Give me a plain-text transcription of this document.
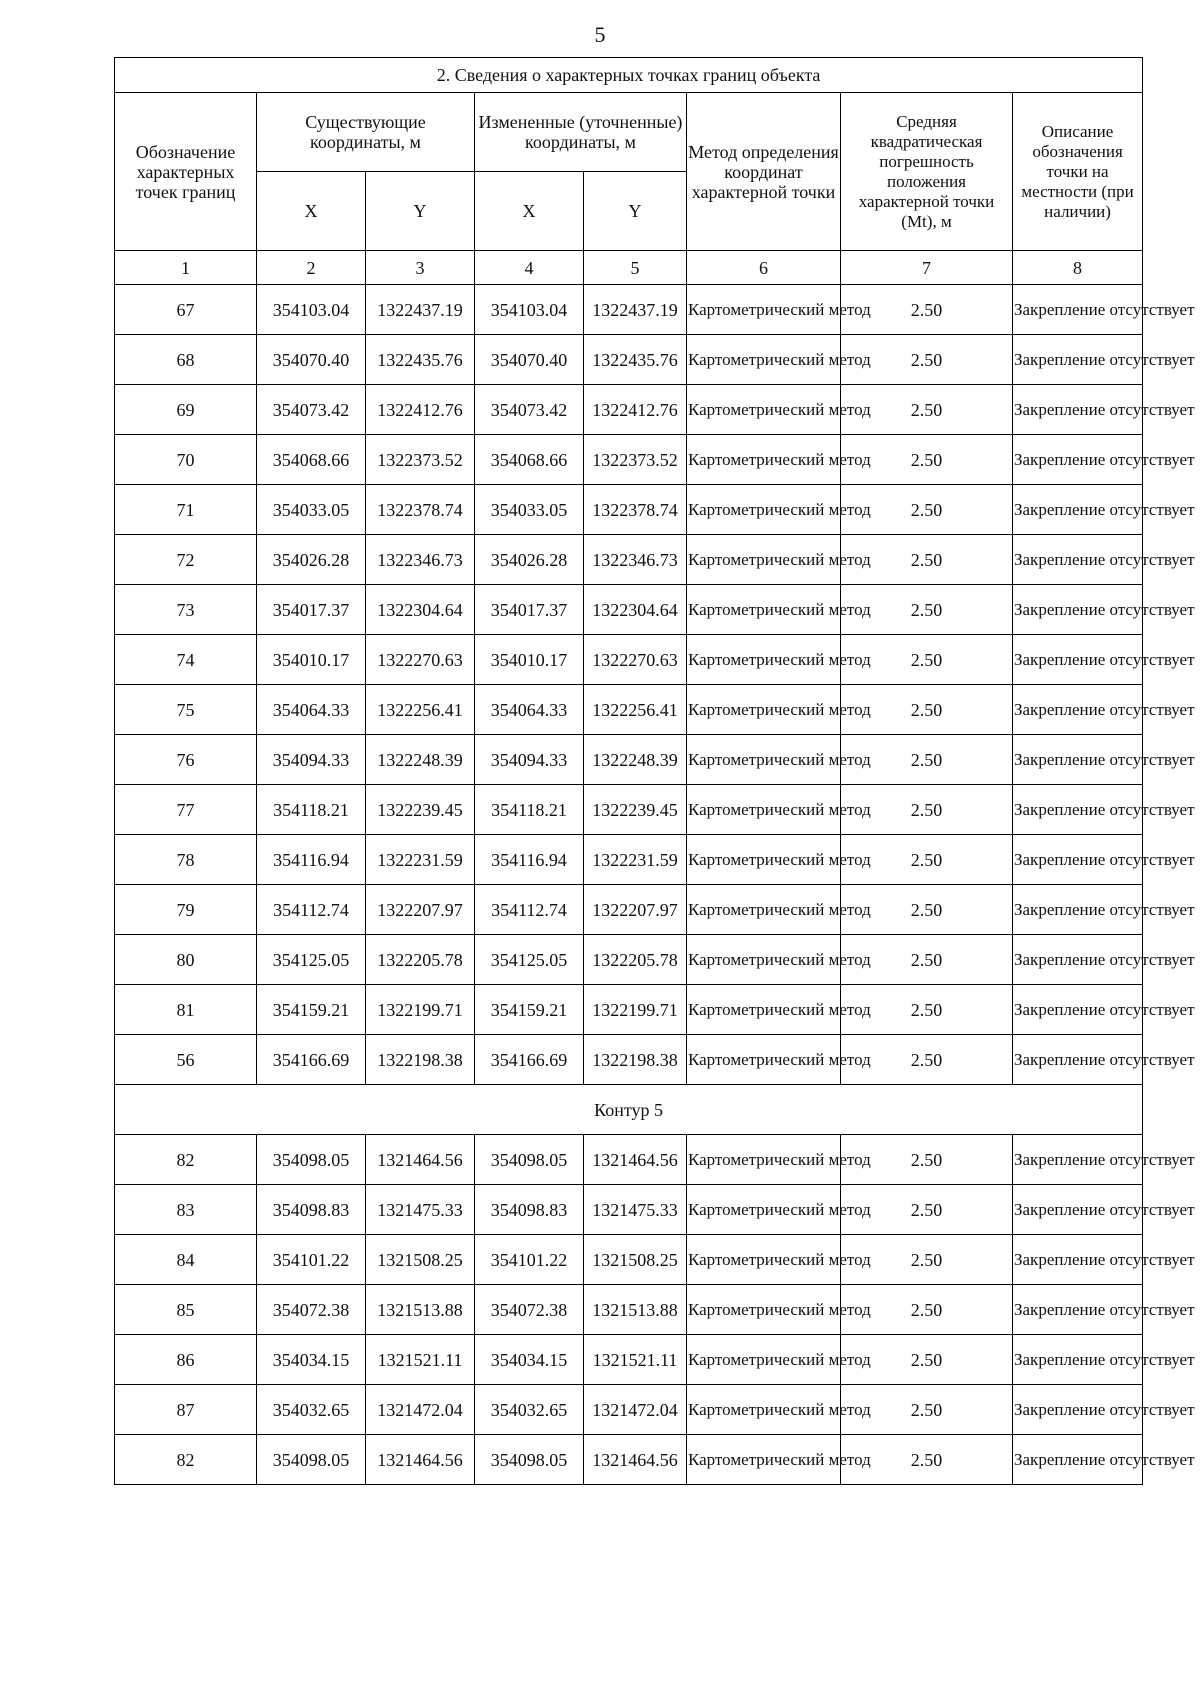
5
2. Сведения о характерных точках границ объекта							
Обозначение характерных точек границ	Существующие координаты, м		Измененные (уточненные) координаты, м		Метод определения координат характерной точки	Средняя квадратическая погрешность положения характерной точки (Mt), м	Описание обозначения точки на местности (при наличии)
	X	Y	X	Y			
1	2	3	4	5	6	7	8
67	354103.04	1322437.19	354103.04	1322437.19	Картометрический метод	2.50	Закрепление отсутствует
68	354070.40	1322435.76	354070.40	1322435.76	Картометрический метод	2.50	Закрепление отсутствует
69	354073.42	1322412.76	354073.42	1322412.76	Картометрический метод	2.50	Закрепление отсутствует
70	354068.66	1322373.52	354068.66	1322373.52	Картометрический метод	2.50	Закрепление отсутствует
71	354033.05	1322378.74	354033.05	1322378.74	Картометрический метод	2.50	Закрепление отсутствует
72	354026.28	1322346.73	354026.28	1322346.73	Картометрический метод	2.50	Закрепление отсутствует
73	354017.37	1322304.64	354017.37	1322304.64	Картометрический метод	2.50	Закрепление отсутствует
74	354010.17	1322270.63	354010.17	1322270.63	Картометрический метод	2.50	Закрепление отсутствует
75	354064.33	1322256.41	354064.33	1322256.41	Картометрический метод	2.50	Закрепление отсутствует
76	354094.33	1322248.39	354094.33	1322248.39	Картометрический метод	2.50	Закрепление отсутствует
77	354118.21	1322239.45	354118.21	1322239.45	Картометрический метод	2.50	Закрепление отсутствует
78	354116.94	1322231.59	354116.94	1322231.59	Картометрический метод	2.50	Закрепление отсутствует
79	354112.74	1322207.97	354112.74	1322207.97	Картометрический метод	2.50	Закрепление отсутствует
80	354125.05	1322205.78	354125.05	1322205.78	Картометрический метод	2.50	Закрепление отсутствует
81	354159.21	1322199.71	354159.21	1322199.71	Картометрический метод	2.50	Закрепление отсутствует
56	354166.69	1322198.38	354166.69	1322198.38	Картометрический метод	2.50	Закрепление отсутствует
Контур 5							
82	354098.05	1321464.56	354098.05	1321464.56	Картометрический метод	2.50	Закрепление отсутствует
83	354098.83	1321475.33	354098.83	1321475.33	Картометрический метод	2.50	Закрепление отсутствует
84	354101.22	1321508.25	354101.22	1321508.25	Картометрический метод	2.50	Закрепление отсутствует
85	354072.38	1321513.88	354072.38	1321513.88	Картометрический метод	2.50	Закрепление отсутствует
86	354034.15	1321521.11	354034.15	1321521.11	Картометрический метод	2.50	Закрепление отсутствует
87	354032.65	1321472.04	354032.65	1321472.04	Картометрический метод	2.50	Закрепление отсутствует
82	354098.05	1321464.56	354098.05	1321464.56	Картометрический метод	2.50	Закрепление отсутствует
